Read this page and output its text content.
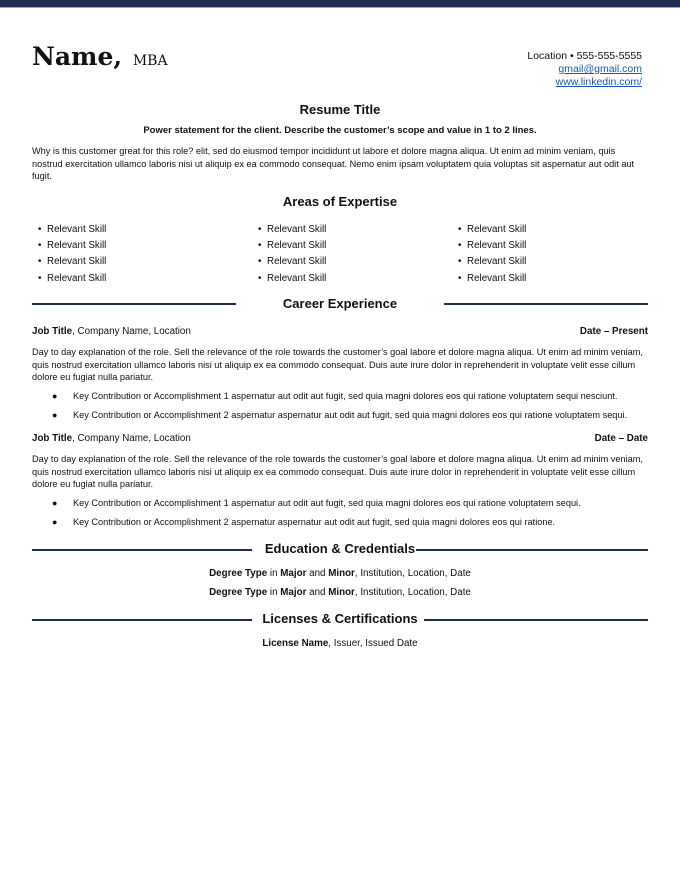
Name, MBA	Location • 555-555-5555
gmail@gmail.com
www.linkedin.com/
Resume Title
Power statement for the client. Describe the customer’s scope and value in 1 to 2 lines.
Why is this customer great for this role? elit, sed do eiusmod tempor incididunt ut labore et dolore magna aliqua. Ut enim ad minim veniam, quis nostrud exercitation ullamco laboris nisi ut aliquip ex ea commodo consequat. Nemo enim ipsam voluptatem quia voluptas sit aspernatur aut odit aut fugit.
Areas of Expertise
• Relevant Skill
• Relevant Skill
• Relevant Skill
• Relevant Skill
• Relevant Skill
• Relevant Skill
• Relevant Skill
• Relevant Skill
• Relevant Skill
• Relevant Skill
• Relevant Skill
• Relevant Skill
Career Experience
Job Title, Company Name, Location	Date – Present
Day to day explanation of the role. Sell the relevance of the role towards the customer’s goal labore et dolore magna aliqua. Ut enim ad minim veniam, quis nostrud exercitation ullamco laboris nisi ut aliquip ex ea commodo consequat. Duis aute irure dolor in reprehenderit in voluptate velit esse cillum dolore eu fugiat nulla pariatur.
● Key Contribution or Accomplishment 1 aspernatur aut odit aut fugit, sed quia magni dolores eos qui ratione voluptatem sequi nesciunt.
● Key Contribution or Accomplishment 2 aspernatur aspernatur aut odit aut fugit, sed quia magni dolores eos qui ratione voluptatem sequi.
Job Title, Company Name, Location	Date – Date
Day to day explanation of the role. Sell the relevance of the role towards the customer’s goal labore et dolore magna aliqua. Ut enim ad minim veniam, quis nostrud exercitation ullamco laboris nisi ut aliquip ex ea commodo consequat. Duis aute irure dolor in reprehenderit in voluptate velit esse cillum dolore eu fugiat nulla pariatur.
● Key Contribution or Accomplishment 1 aspernatur aut odit aut fugit, sed quia magni dolores eos qui ratione voluptatem sequi.
● Key Contribution or Accomplishment 2 aspernatur aspernatur aut odit aut fugit, sed quia magni dolores eos qui ratione.
Education & Credentials
Degree Type in Major and Minor, Institution, Location, Date
Degree Type in Major and Minor, Institution, Location, Date
Licenses & Certifications
License Name, Issuer, Issued Date
